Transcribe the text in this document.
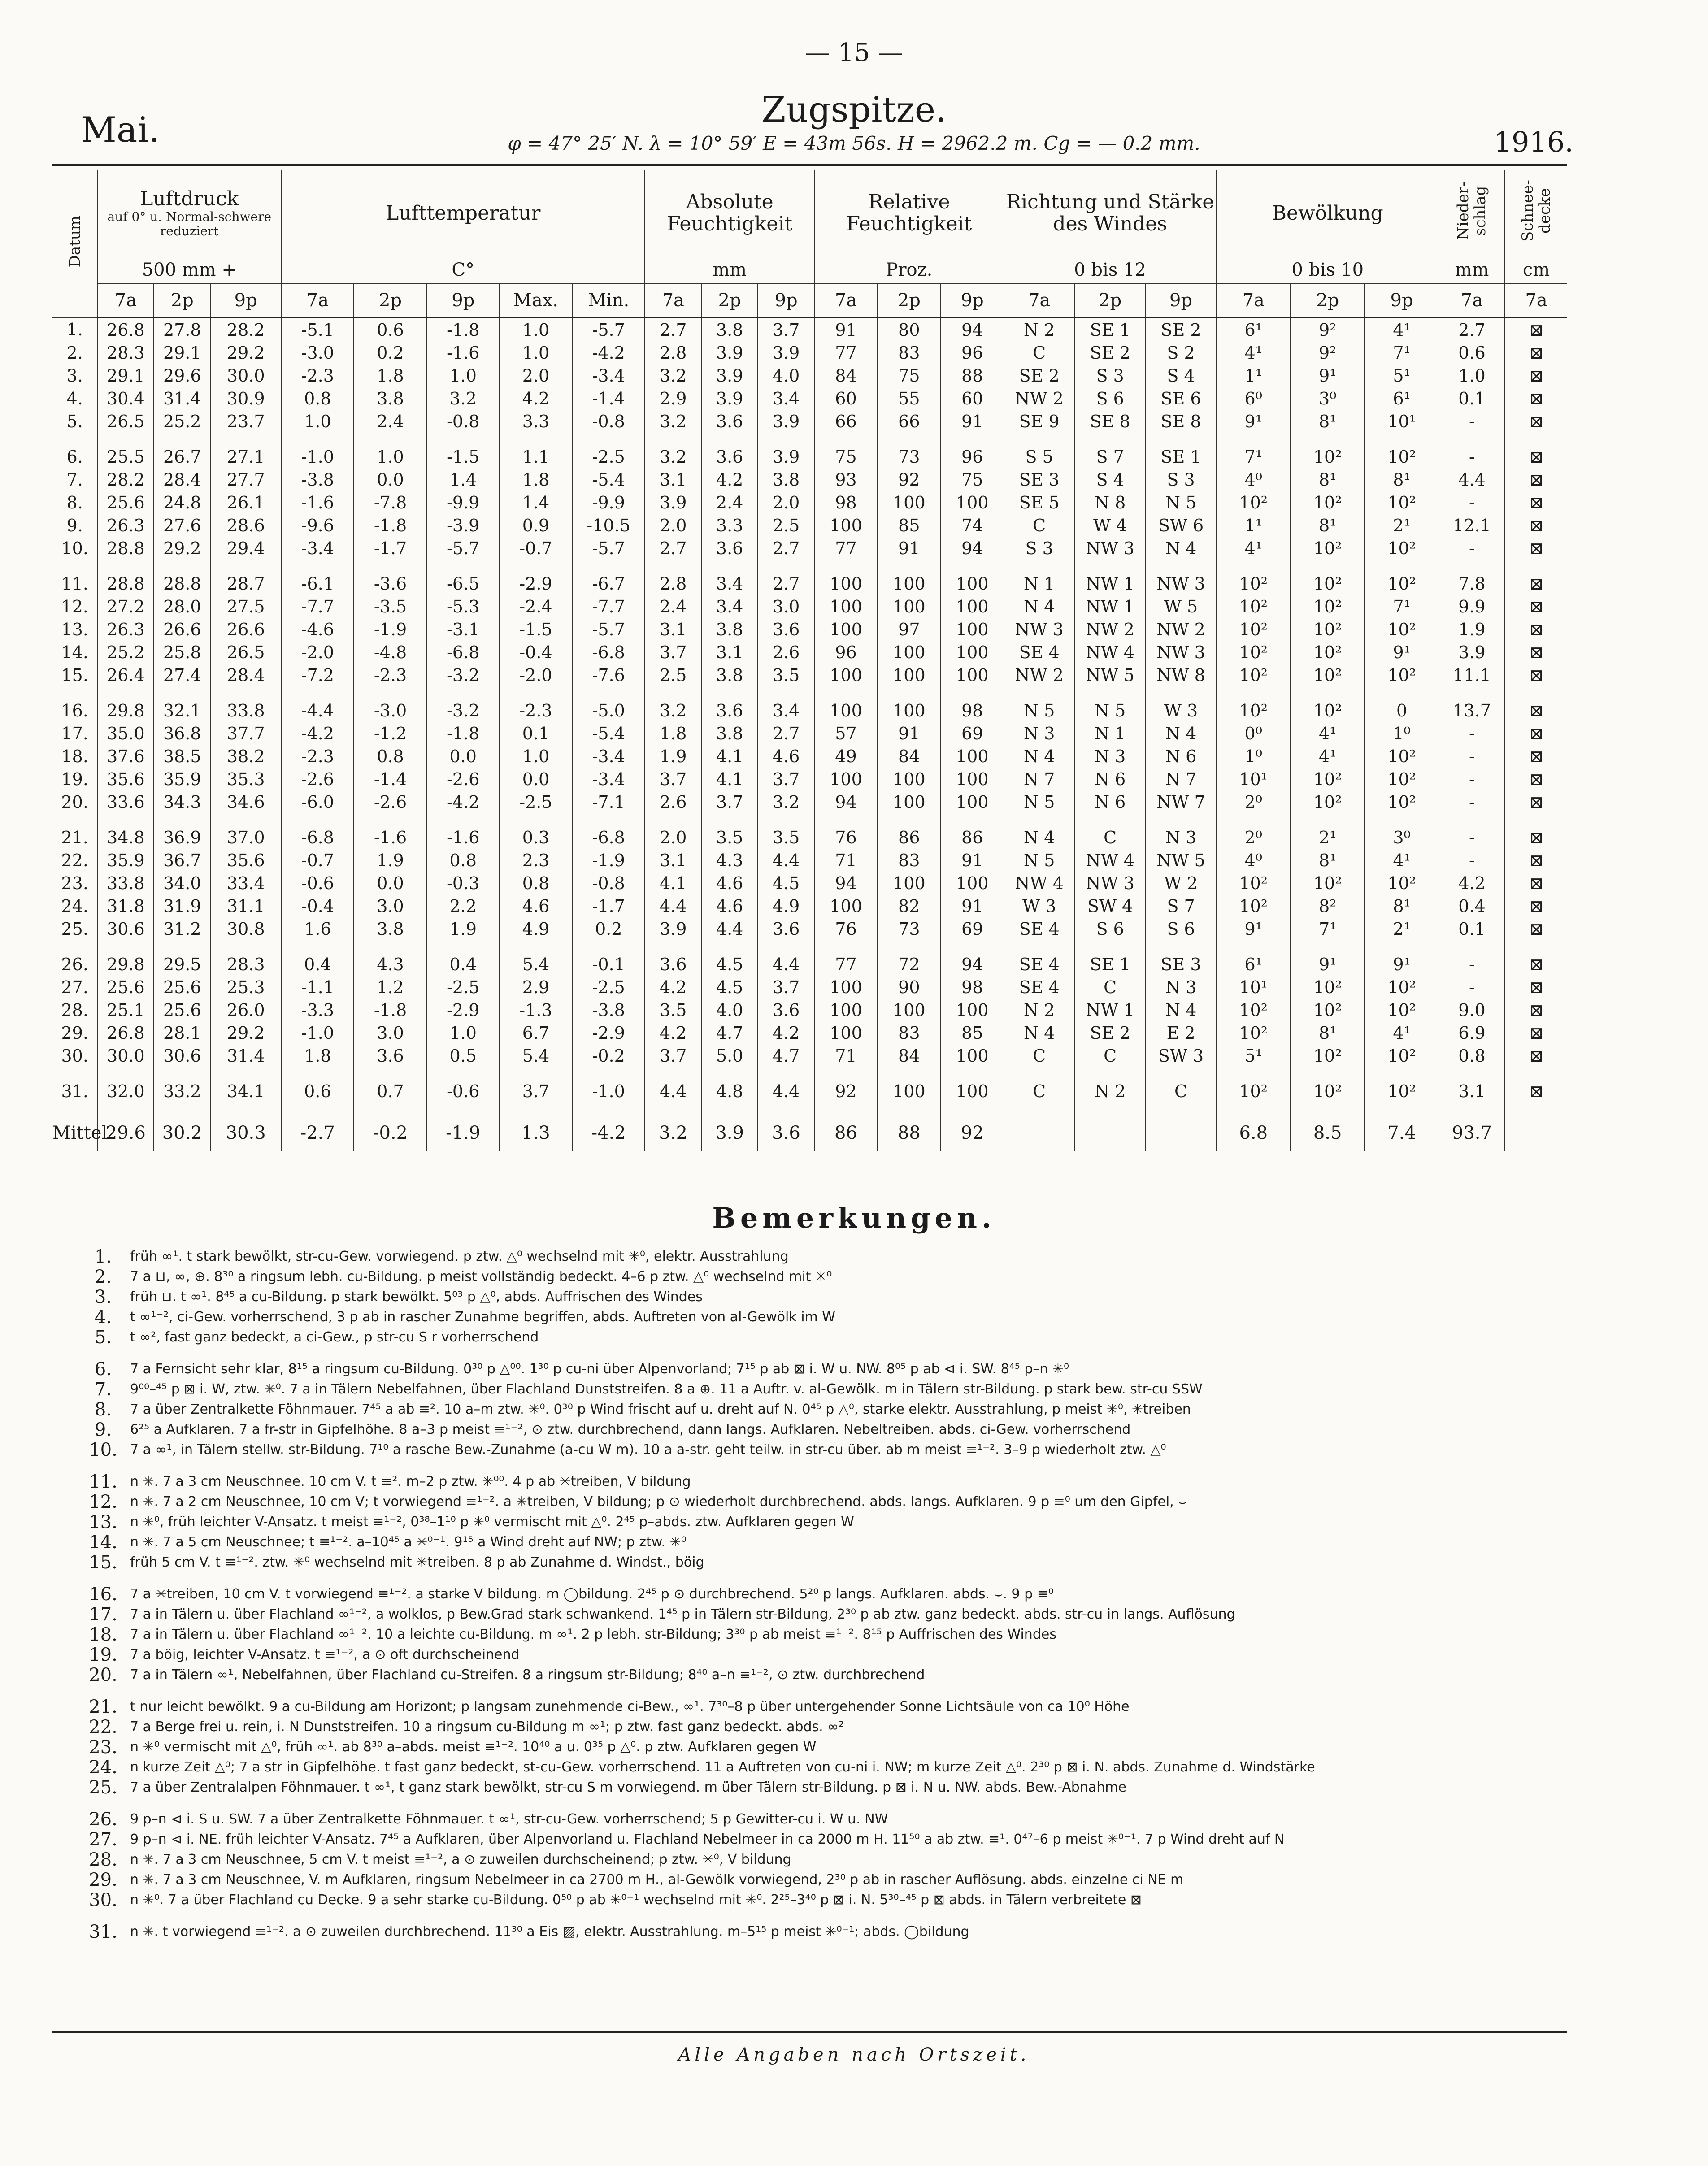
— 15 —
Mai.	Zugspitze.
φ = 47° 25′ N. λ = 10° 59′ E = 43m 56s. H = 2962.2 m. Cg = — 0.2 mm.	1916.
Datum	Luftdruck
auf 0° u. Normal-schwere reduziert			Lufttemperatur					Absolute Feuchtigkeit			Relative Feuchtigkeit			Richtung und Stärke des Windes			Bewölkung			Nieder-schlag	Schnee-decke
	500 mm +			C°					mm			Proz.			0 bis 12			0 bis 10			mm	cm
	7a	2p	9p	7a	2p	9p	Max.	Min.	7a	2p	9p	7a	2p	9p	7a	2p	9p	7a	2p	9p	7a	7a
1.	26.8	27.8	28.2	-5.1	0.6	-1.8	1.0	-5.7	2.7	3.8	3.7	91	80	94	N 2	SE 1	SE 2	6¹	9²	4¹	2.7	⊠
2.	28.3	29.1	29.2	-3.0	0.2	-1.6	1.0	-4.2	2.8	3.9	3.9	77	83	96	C	SE 2	S 2	4¹	9²	7¹	0.6	⊠
3.	29.1	29.6	30.0	-2.3	1.8	1.0	2.0	-3.4	3.2	3.9	4.0	84	75	88	SE 2	S 3	S 4	1¹	9¹	5¹	1.0	⊠
4.	30.4	31.4	30.9	0.8	3.8	3.2	4.2	-1.4	2.9	3.9	3.4	60	55	60	NW 2	S 6	SE 6	6⁰	3⁰	6¹	0.1	⊠
5.	26.5	25.2	23.7	1.0	2.4	-0.8	3.3	-0.8	3.2	3.6	3.9	66	66	91	SE 9	SE 8	SE 8	9¹	8¹	10¹	-	⊠

6.	25.5	26.7	27.1	-1.0	1.0	-1.5	1.1	-2.5	3.2	3.6	3.9	75	73	96	S 5	S 7	SE 1	7¹	10²	10²	-	⊠
7.	28.2	28.4	27.7	-3.8	0.0	1.4	1.8	-5.4	3.1	4.2	3.8	93	92	75	SE 3	S 4	S 3	4⁰	8¹	8¹	4.4	⊠
8.	25.6	24.8	26.1	-1.6	-7.8	-9.9	1.4	-9.9	3.9	2.4	2.0	98	100	100	SE 5	N 8	N 5	10²	10²	10²	-	⊠
9.	26.3	27.6	28.6	-9.6	-1.8	-3.9	0.9	-10.5	2.0	3.3	2.5	100	85	74	C	W 4	SW 6	1¹	8¹	2¹	12.1	⊠
10.	28.8	29.2	29.4	-3.4	-1.7	-5.7	-0.7	-5.7	2.7	3.6	2.7	77	91	94	S 3	NW 3	N 4	4¹	10²	10²	-	⊠

11.	28.8	28.8	28.7	-6.1	-3.6	-6.5	-2.9	-6.7	2.8	3.4	2.7	100	100	100	N 1	NW 1	NW 3	10²	10²	10²	7.8	⊠
12.	27.2	28.0	27.5	-7.7	-3.5	-5.3	-2.4	-7.7	2.4	3.4	3.0	100	100	100	N 4	NW 1	W 5	10²	10²	7¹	9.9	⊠
13.	26.3	26.6	26.6	-4.6	-1.9	-3.1	-1.5	-5.7	3.1	3.8	3.6	100	97	100	NW 3	NW 2	NW 2	10²	10²	10²	1.9	⊠
14.	25.2	25.8	26.5	-2.0	-4.8	-6.8	-0.4	-6.8	3.7	3.1	2.6	96	100	100	SE 4	NW 4	NW 3	10²	10²	9¹	3.9	⊠
15.	26.4	27.4	28.4	-7.2	-2.3	-3.2	-2.0	-7.6	2.5	3.8	3.5	100	100	100	NW 2	NW 5	NW 8	10²	10²	10²	11.1	⊠

16.	29.8	32.1	33.8	-4.4	-3.0	-3.2	-2.3	-5.0	3.2	3.6	3.4	100	100	98	N 5	N 5	W 3	10²	10²	0	13.7	⊠
17.	35.0	36.8	37.7	-4.2	-1.2	-1.8	0.1	-5.4	1.8	3.8	2.7	57	91	69	N 3	N 1	N 4	0⁰	4¹	1⁰	-	⊠
18.	37.6	38.5	38.2	-2.3	0.8	0.0	1.0	-3.4	1.9	4.1	4.6	49	84	100	N 4	N 3	N 6	1⁰	4¹	10²	-	⊠
19.	35.6	35.9	35.3	-2.6	-1.4	-2.6	0.0	-3.4	3.7	4.1	3.7	100	100	100	N 7	N 6	N 7	10¹	10²	10²	-	⊠
20.	33.6	34.3	34.6	-6.0	-2.6	-4.2	-2.5	-7.1	2.6	3.7	3.2	94	100	100	N 5	N 6	NW 7	2⁰	10²	10²	-	⊠

21.	34.8	36.9	37.0	-6.8	-1.6	-1.6	0.3	-6.8	2.0	3.5	3.5	76	86	86	N 4	C	N 3	2⁰	2¹	3⁰	-	⊠
22.	35.9	36.7	35.6	-0.7	1.9	0.8	2.3	-1.9	3.1	4.3	4.4	71	83	91	N 5	NW 4	NW 5	4⁰	8¹	4¹	-	⊠
23.	33.8	34.0	33.4	-0.6	0.0	-0.3	0.8	-0.8	4.1	4.6	4.5	94	100	100	NW 4	NW 3	W 2	10²	10²	10²	4.2	⊠
24.	31.8	31.9	31.1	-0.4	3.0	2.2	4.6	-1.7	4.4	4.6	4.9	100	82	91	W 3	SW 4	S 7	10²	8²	8¹	0.4	⊠
25.	30.6	31.2	30.8	1.6	3.8	1.9	4.9	0.2	3.9	4.4	3.6	76	73	69	SE 4	S 6	S 6	9¹	7¹	2¹	0.1	⊠

26.	29.8	29.5	28.3	0.4	4.3	0.4	5.4	-0.1	3.6	4.5	4.4	77	72	94	SE 4	SE 1	SE 3	6¹	9¹	9¹	-	⊠
27.	25.6	25.6	25.3	-1.1	1.2	-2.5	2.9	-2.5	4.2	4.5	3.7	100	90	98	SE 4	C	N 3	10¹	10²	10²	-	⊠
28.	25.1	25.6	26.0	-3.3	-1.8	-2.9	-1.3	-3.8	3.5	4.0	3.6	100	100	100	N 2	NW 1	N 4	10²	10²	10²	9.0	⊠
29.	26.8	28.1	29.2	-1.0	3.0	1.0	6.7	-2.9	4.2	4.7	4.2	100	83	85	N 4	SE 2	E 2	10²	8¹	4¹	6.9	⊠
30.	30.0	30.6	31.4	1.8	3.6	0.5	5.4	-0.2	3.7	5.0	4.7	71	84	100	C	C	SW 3	5¹	10²	10²	0.8	⊠

31.	32.0	33.2	34.1	0.6	0.7	-0.6	3.7	-1.0	4.4	4.8	4.4	92	100	100	C	N 2	C	10²	10²	10²	3.1	⊠

Mittel	29.6	30.2	30.3	-2.7	-0.2	-1.9	1.3	-4.2	3.2	3.9	3.6	86	88	92				6.8	8.5	7.4	93.7	
Bemerkungen.
1.	früh ∞¹. t stark bewölkt, str-cu-Gew. vorwiegend. p ztw. △⁰ wechselnd mit ✳⁰, elektr. Ausstrahlung
2.	7 a ⊔, ∞, ⊕. 8³⁰ a ringsum lebh. cu-Bildung. p meist vollständig bedeckt. 4–6 p ztw. △⁰ wechselnd mit ✳⁰
3.	früh ⊔. t ∞¹. 8⁴⁵ a cu-Bildung. p stark bewölkt. 5⁰³ p △⁰, abds. Auffrischen des Windes
4.	t ∞¹⁻², ci-Gew. vorherrschend, 3 p ab in rascher Zunahme begriffen, abds. Auftreten von al-Gewölk im W
5.	t ∞², fast ganz bedeckt, a ci-Gew., p str-cu S r vorherrschend
6.	7 a Fernsicht sehr klar, 8¹⁵ a ringsum cu-Bildung. 0³⁰ p △⁰⁰. 1³⁰ p cu-ni über Alpenvorland; 7¹⁵ p ab ⊠ i. W u. NW. 8⁰⁵ p ab ⊲ i. SW. 8⁴⁵ p–n ✳⁰
7.	9⁰⁰–⁴⁵ p ⊠ i. W, ztw. ✳⁰. 7 a in Tälern Nebelfahnen, über Flachland Dunststreifen. 8 a ⊕. 11 a Auftr. v. al-Gewölk. m in Tälern str-Bildung. p stark bew. str-cu SSW
8.	7 a über Zentralkette Föhnmauer. 7⁴⁵ a ab ≡². 10 a–m ztw. ✳⁰. 0³⁰ p Wind frischt auf u. dreht auf N. 0⁴⁵ p △⁰, starke elektr. Ausstrahlung, p meist ✳⁰, ✳treiben
9.	6²⁵ a Aufklaren. 7 a fr-str in Gipfelhöhe. 8 a–3 p meist ≡¹⁻², ⊙ ztw. durchbrechend, dann langs. Aufklaren. Nebeltreiben. abds. ci-Gew. vorherrschend
10. 7 a ∞¹, in Tälern stellw. str-Bildung. 7¹⁰ a rasche Bew.-Zunahme (a-cu W m). 10 a a-str. geht teilw. in str-cu über. ab m meist ≡¹⁻². 3–9 p wiederholt ztw. △⁰
11. n ✳. 7 a 3 cm Neuschnee. 10 cm V. t ≡². m–2 p ztw. ✳⁰⁰. 4 p ab ✳treiben, V bildung
12. n ✳. 7 a 2 cm Neuschnee, 10 cm V; t vorwiegend ≡¹⁻². a ✳treiben, V bildung; p ⊙ wiederholt durchbrechend. abds. langs. Aufklaren. 9 p ≡⁰ um den Gipfel, ⌣
13. n ✳⁰, früh leichter V-Ansatz. t meist ≡¹⁻², 0³⁸–1¹⁰ p ✳⁰ vermischt mit △⁰. 2⁴⁵ p–abds. ztw. Aufklaren gegen W
14. n ✳. 7 a 5 cm Neuschnee; t ≡¹⁻². a–10⁴⁵ a ✳⁰⁻¹. 9¹⁵ a Wind dreht auf NW; p ztw. ✳⁰
15. früh 5 cm V. t ≡¹⁻². ztw. ✳⁰ wechselnd mit ✳treiben. 8 p ab Zunahme d. Windst., böig
16. 7 a ✳treiben, 10 cm V. t vorwiegend ≡¹⁻². a starke V bildung. m ◯bildung. 2⁴⁵ p ⊙ durchbrechend. 5²⁰ p langs. Aufklaren. abds. ⌣. 9 p ≡⁰
17. 7 a in Tälern u. über Flachland ∞¹⁻², a wolklos, p Bew.Grad stark schwankend. 1⁴⁵ p in Tälern str-Bildung, 2³⁰ p ab ztw. ganz bedeckt. abds. str-cu in langs. Auflösung
18. 7 a in Tälern u. über Flachland ∞¹⁻². 10 a leichte cu-Bildung. m ∞¹. 2 p lebh. str-Bildung; 3³⁰ p ab meist ≡¹⁻². 8¹⁵ p Auffrischen des Windes
19. 7 a böig, leichter V-Ansatz. t ≡¹⁻², a ⊙ oft durchscheinend
20. 7 a in Tälern ∞¹, Nebelfahnen, über Flachland cu-Streifen. 8 a ringsum str-Bildung; 8⁴⁰ a–n ≡¹⁻², ⊙ ztw. durchbrechend
21. t nur leicht bewölkt. 9 a cu-Bildung am Horizont; p langsam zunehmende ci-Bew., ∞¹. 7³⁰–8 p über untergehender Sonne Lichtsäule von ca 10⁰ Höhe
22. 7 a Berge frei u. rein, i. N Dunststreifen. 10 a ringsum cu-Bildung m ∞¹; p ztw. fast ganz bedeckt. abds. ∞²
23. n ✳⁰ vermischt mit △⁰, früh ∞¹. ab 8³⁰ a–abds. meist ≡¹⁻². 10⁴⁰ a u. 0³⁵ p △⁰. p ztw. Aufklaren gegen W
24. n kurze Zeit △⁰; 7 a str in Gipfelhöhe. t fast ganz bedeckt, st-cu-Gew. vorherrschend. 11 a Auftreten von cu-ni i. NW; m kurze Zeit △⁰. 2³⁰ p ⊠ i. N. abds. Zunahme d. Windstärke
25. 7 a über Zentralalpen Föhnmauer. t ∞¹, t ganz stark bewölkt, str-cu S m vorwiegend. m über Tälern str-Bildung. p ⊠ i. N u. NW. abds. Bew.-Abnahme
26. 9 p–n ⊲ i. S u. SW. 7 a über Zentralkette Föhnmauer. t ∞¹, str-cu-Gew. vorherrschend; 5 p Gewitter-cu i. W u. NW
27. 9 p–n ⊲ i. NE. früh leichter V-Ansatz. 7⁴⁵ a Aufklaren, über Alpenvorland u. Flachland Nebelmeer in ca 2000 m H. 11⁵⁰ a ab ztw. ≡¹. 0⁴⁷–6 p meist ✳⁰⁻¹. 7 p Wind dreht auf N
28. n ✳. 7 a 3 cm Neuschnee, 5 cm V. t meist ≡¹⁻², a ⊙ zuweilen durchscheinend; p ztw. ✳⁰, V bildung
29. n ✳. 7 a 3 cm Neuschnee, V. m Aufklaren, ringsum Nebelmeer in ca 2700 m H., al-Gewölk vorwiegend, 2³⁰ p ab in rascher Auflösung. abds. einzelne ci NE m
30. n ✳⁰. 7 a über Flachland cu Decke. 9 a sehr starke cu-Bildung. 0⁵⁰ p ab ✳⁰⁻¹ wechselnd mit ✳⁰. 2²⁵–3⁴⁰ p ⊠ i. N. 5³⁰–⁴⁵ p ⊠ abds. in Tälern verbreitete ⊠
31. n ✳. t vorwiegend ≡¹⁻². a ⊙ zuweilen durchbrechend. 11³⁰ a Eis ▨, elektr. Ausstrahlung. m–5¹⁵ p meist ✳⁰⁻¹; abds. ◯bildung
Alle Angaben nach Ortszeit.
